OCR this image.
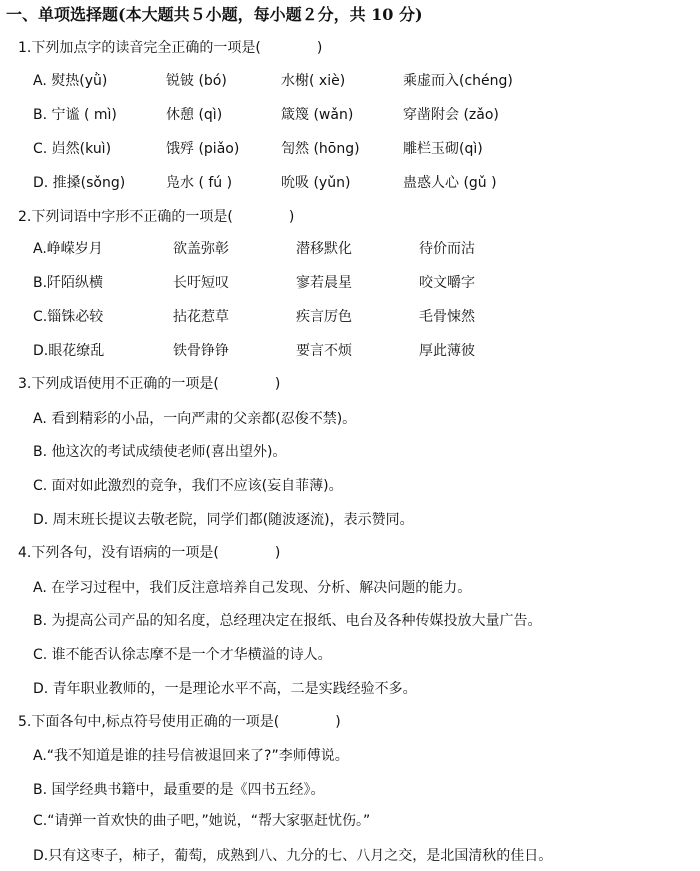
一、单项选择题(本大题共５小题，每小题２分，共 10 分)
1.下列加点字的读音完全正确的一项是(　　　　)
A. 熨热(yǜ)	锐铍 (bó)	水榭( xiè)	乘虚而入(chéng)
B. 宁谧 ( mì)	休憩 (qì)	箴篾 (wǎn)	穿凿附会 (zǎo)
C. 岿然(kuì)	饿殍 (piǎo)	訇然 (hōng)	雕栏玉砌(qì)
D. 推搡(sǒng)	凫水 ( fú )	吮吸 (yǔn)	蛊惑人心 (gǔ )
2.下列词语中字形不正确的一项是(　　　　)
A.峥嵘岁月	欲盖弥彰	潜移默化	待价而沽
B.阡陌纵横	长吁短叹	寥若晨星	咬文嚼字
C.锱铢必较	拈花惹草	疾言厉色	毛骨悚然
D.眼花缭乱	铁骨铮铮	要言不烦	厚此薄彼
3.下列成语使用不正确的一项是(　　　　)
A. 看到精彩的小品，一向严肃的父亲都(忍俊不禁)。
B. 他这次的考试成绩使老师(喜出望外)。
C. 面对如此激烈的竞争，我们不应该(妄自菲薄)。
D. 周末班长提议去敬老院，同学们都(随波逐流)，表示赞同。
4.下列各句，没有语病的一项是(　　　　)
A. 在学习过程中，我们反注意培养自己发现、分析、解决问题的能力。
B. 为提高公司产品的知名度，总经理决定在报纸、电台及各种传媒投放大量广告。
C. 谁不能否认徐志摩不是一个才华横溢的诗人。
D. 青年职业教师的，一是理论水平不高，二是实践经验不多。
5.下面各句中,标点符号使用正确的一项是(　　　　)
A.“我不知道是谁的挂号信被退回来了?”李师傅说。
B. 国学经典书籍中，最重要的是《四书五经》。
C.“请弹一首欢快的曲子吧，”她说，“帮大家驱赶忧伤。”
D.只有这枣子，柿子，葡萄，成熟到八、九分的七、八月之交，是北国清秋的佳日。
